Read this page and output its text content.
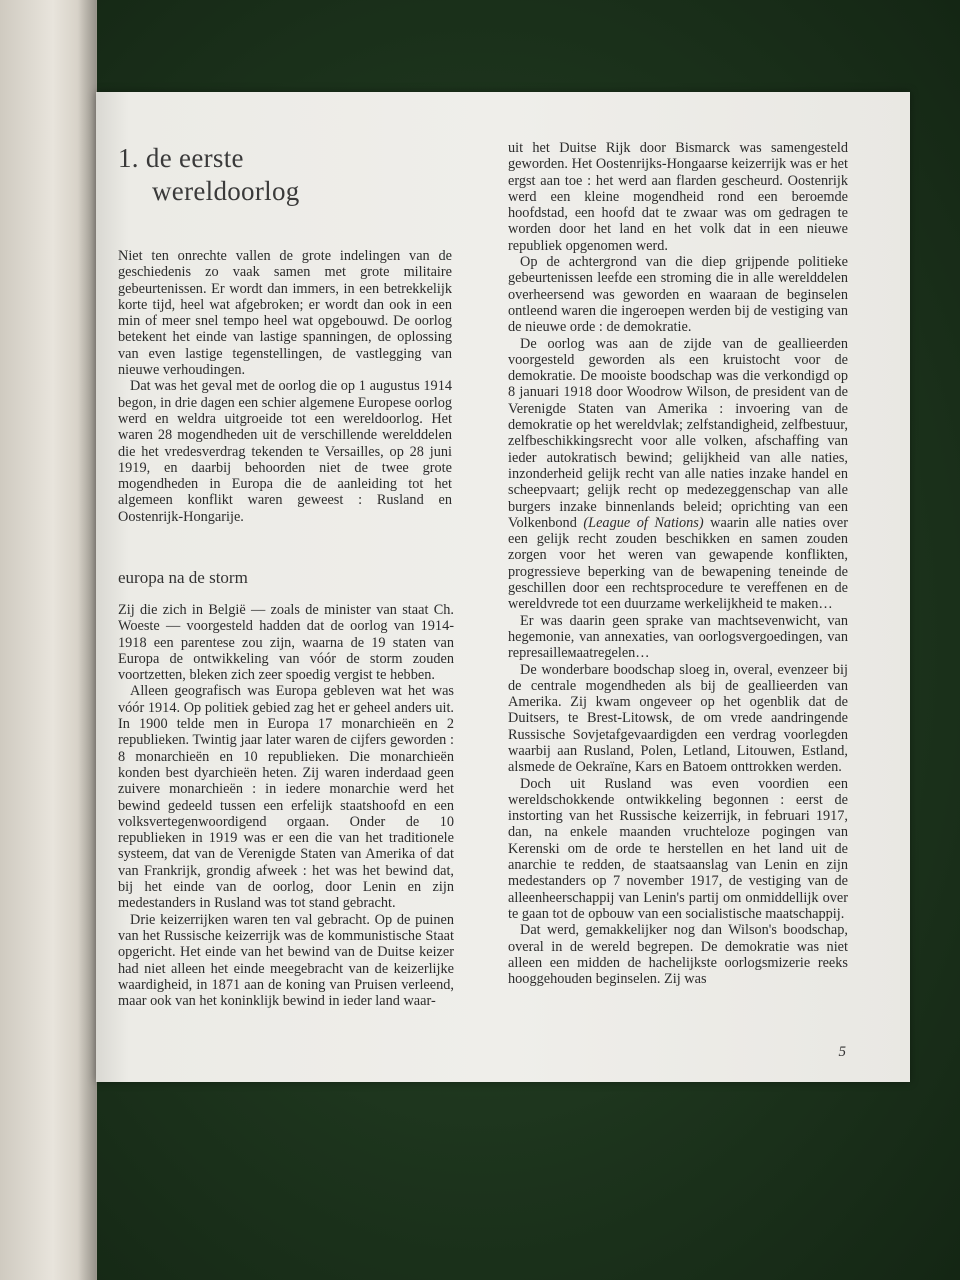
1. de eerste
wereldoorlog

Niet ten onrechte vallen de grote indelingen van de geschiedenis zo vaak samen met grote militaire gebeurtenissen. Er wordt dan immers, in een betrekkelijk korte tijd, heel wat afgebroken; er wordt dan ook in een min of meer snel tempo heel wat opgebouwd. De oorlog betekent het einde van lastige spanningen, de oplossing van even lastige tegenstellingen, de vastlegging van nieuwe verhoudingen.

Dat was het geval met de oorlog die op 1 augustus 1914 begon, in drie dagen een schier algemene Europese oorlog werd en weldra uitgroeide tot een wereldoorlog. Het waren 28 mogendheden uit de verschillende werelddelen die het vredesverdrag tekenden te Versailles, op 28 juni 1919, en daarbij behoorden niet de twee grote mogendheden in Europa die de aanleiding tot het algemeen konflikt waren geweest : Rusland en Oostenrijk-Hongarije.

europa na de storm

Zij die zich in België — zoals de minister van staat Ch. Woeste — voorgesteld hadden dat de oorlog van 1914-1918 een parentese zou zijn, waarna de 19 staten van Europa de ontwikkeling van vóór de storm zouden voortzetten, bleken zich zeer spoedig vergist te hebben.

Alleen geografisch was Europa gebleven wat het was vóór 1914. Op politiek gebied zag het er geheel anders uit. In 1900 telde men in Europa 17 monarchieën en 2 republieken. Twintig jaar later waren de cijfers geworden : 8 monarchieën en 10 republieken. Die monarchieën konden best dyarchieën heten. Zij waren inderdaad geen zuivere monarchieën : in iedere monarchie werd het bewind gedeeld tussen een erfelijk staatshoofd en een volksvertegenwoordigend orgaan. Onder de 10 republieken in 1919 was er een die van het traditionele systeem, dat van de Verenigde Staten van Amerika of dat van Frankrijk, grondig afweek : het was het bewind dat, bij het einde van de oorlog, door Lenin en zijn medestanders in Rusland was tot stand gebracht.

Drie keizerrijken waren ten val gebracht. Op de puinen van het Russische keizerrijk was de kommunistische Staat opgericht. Het einde van het bewind van de Duitse keizer had niet alleen het einde meegebracht van de keizerlijke waardigheid, in 1871 aan de koning van Pruisen verleend, maar ook van het koninklijk bewind in ieder land waar-

uit het Duitse Rijk door Bismarck was samengesteld geworden. Het Oostenrijks-Hongaarse keizerrijk was er het ergst aan toe : het werd aan flarden gescheurd. Oostenrijk werd een kleine mogendheid rond een beroemde hoofdstad, een hoofd dat te zwaar was om gedragen te worden door het land en het volk dat in een nieuwe republiek opgenomen werd.

Op de achtergrond van die diep grijpende politieke gebeurtenissen leefde een stroming die in alle werelddelen overheersend was geworden en waaraan de beginselen ontleend waren die ingeroepen werden bij de vestiging van de nieuwe orde : de demokratie.

De oorlog was aan de zijde van de geallieerden voorgesteld geworden als een kruistocht voor de demokratie. De mooiste boodschap was die verkondigd op 8 januari 1918 door Woodrow Wilson, de president van de Verenigde Staten van Amerika : invoering van de demokratie op het wereldvlak; zelfstandigheid, zelfbestuur, zelfbeschikkingsrecht voor alle volken, afschaffing van ieder autokratisch bewind; gelijkheid van alle naties, inzonderheid gelijk recht van alle naties inzake handel en scheepvaart; gelijk recht op medezeggenschap van alle burgers inzake binnenlands beleid; oprichting van een Volkenbond (League of Nations) waarin alle naties over een gelijk recht zouden beschikken en samen zouden zorgen voor het weren van gewapende konflikten, progressieve beperking van de bewapening teneinde de geschillen door een rechtsprocedure te vereffenen en de wereldvrede tot een duurzame werkelijkheid te maken…

Er was daarin geen sprake van machtsevenwicht, van hegemonie, van annexaties, van oorlogsvergoedingen, van represailleмaatregelen…

De wonderbare boodschap sloeg in, overal, evenzeer bij de centrale mogendheden als bij de geallieerden van Amerika. Zij kwam ongeveer op het ogenblik dat de Duitsers, te Brest-Litowsk, de om vrede aandringende Russische Sovjetafgevaardigden een verdrag voorlegden waarbij aan Rusland, Polen, Letland, Litouwen, Estland, alsmede de Oekraïne, Kars en Batoem onttrokken werden.

Doch uit Rusland was even voordien een wereldschokkende ontwikkeling begonnen : eerst de instorting van het Russische keizerrijk, in februari 1917, dan, na enkele maanden vruchteloze pogingen van Kerenski om de orde te herstellen en het land uit de anarchie te redden, de staatsaanslag van Lenin en zijn medestanders op 7 november 1917, de vestiging van de alleenheerschappij van Lenin's partij om onmiddellijk over te gaan tot de opbouw van een socialistische maatschappij.

Dat werd, gemakkelijker nog dan Wilson's boodschap, overal in de wereld begrepen. De demokratie was niet alleen een midden de hachelijkste oorlogsmizerie reeks hooggehouden beginselen. Zij was

5
